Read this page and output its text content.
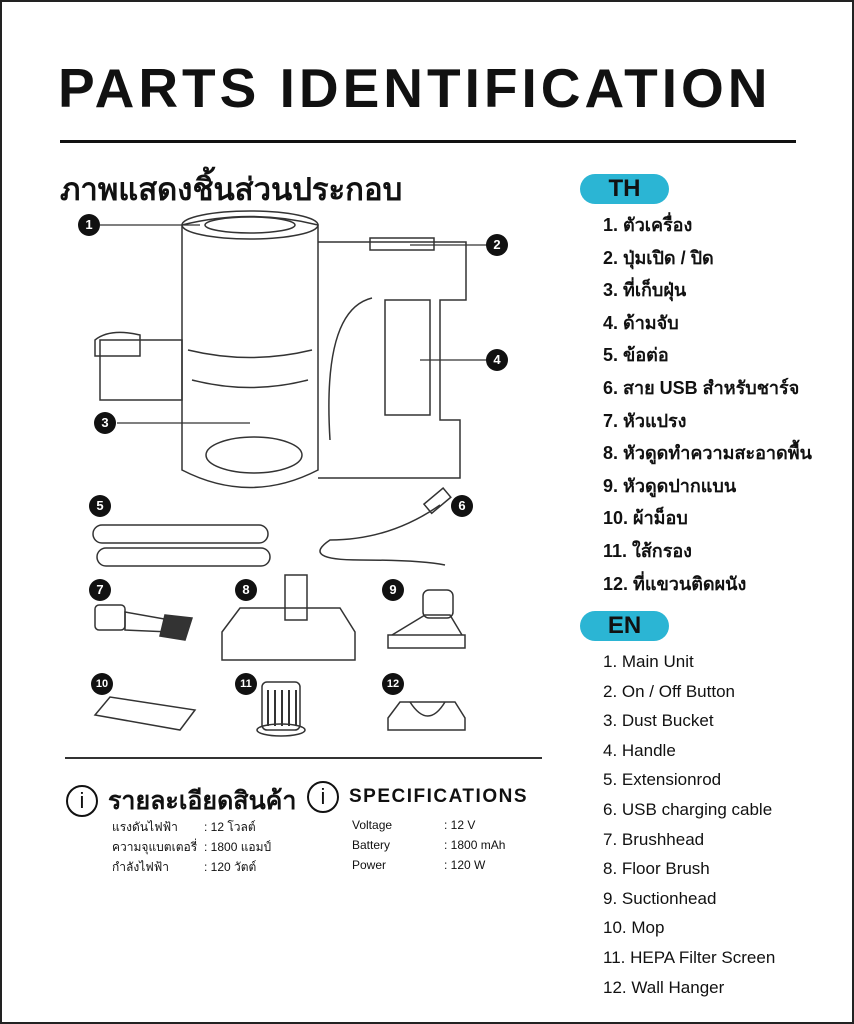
PARTS IDENTIFICATION
ภาพแสดงชิ้นส่วนประกอบ	TH
1. ตัวเครื่อง
2. ปุ่มเปิด / ปิด
3. ที่เก็บฝุ่น
4. ด้ามจับ
5. ข้อต่อ
6. สาย USB สำหรับชาร์จ
7. หัวแปรง
8. หัวดูดทำความสะอาดพื้น
9. หัวดูดปากแบน
10. ผ้าม็อบ
11. ใส้กรอง
12. ที่แขวนติดผนัง
EN
1. Main Unit
2. On / Off Button
3. Dust Bucket
4. Handle
5. Extensionrod
6. USB charging cable
7. Brushhead
8. Floor Brush
9. Suctionhead
10. Mop
11. HEPA Filter Screen
12. Wall Hanger
1
2
3
4
5	6
7	8	9
10	11	12
i รายละเอียดสินค้า	i	SPECIFICATIONS
แรงดันไฟฟ้า	: 12 โวลต์
ความจุแบตเตอรี่ : 1800 แอมป์
กำลังไฟฟ้า	: 120 วัตต์
Voltage	: 12 V
Battery	: 1800 mAh
Power	: 120 W
